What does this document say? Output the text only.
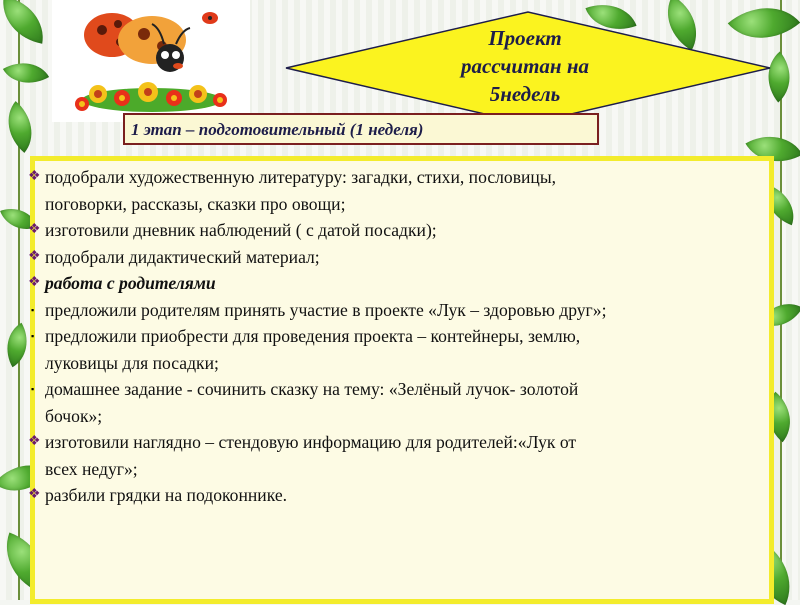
Проект
рассчитан на
5недель
1 этап – подготовительный (1 неделя)
❖ подобрали художественную литературу: загадки, стихи, пословицы,
поговорки, рассказы, сказки про овощи;
❖ изготовили дневник наблюдений ( с датой посадки);
❖ подобрали дидактический материал;
❖ работа с родителями
▪ предложили родителям принять участие в проекте «Лук – здоровью друг»;
▪ предложили приобрести для проведения проекта – контейнеры, землю,
луковицы для посадки;
▪ домашнее задание - сочинить сказку на тему: «Зелёный лучок- золотой
бочок»;
❖ изготовили наглядно – стендовую информацию для родителей:«Лук от
всех недуг»;
❖ разбили грядки на подоконнике.
